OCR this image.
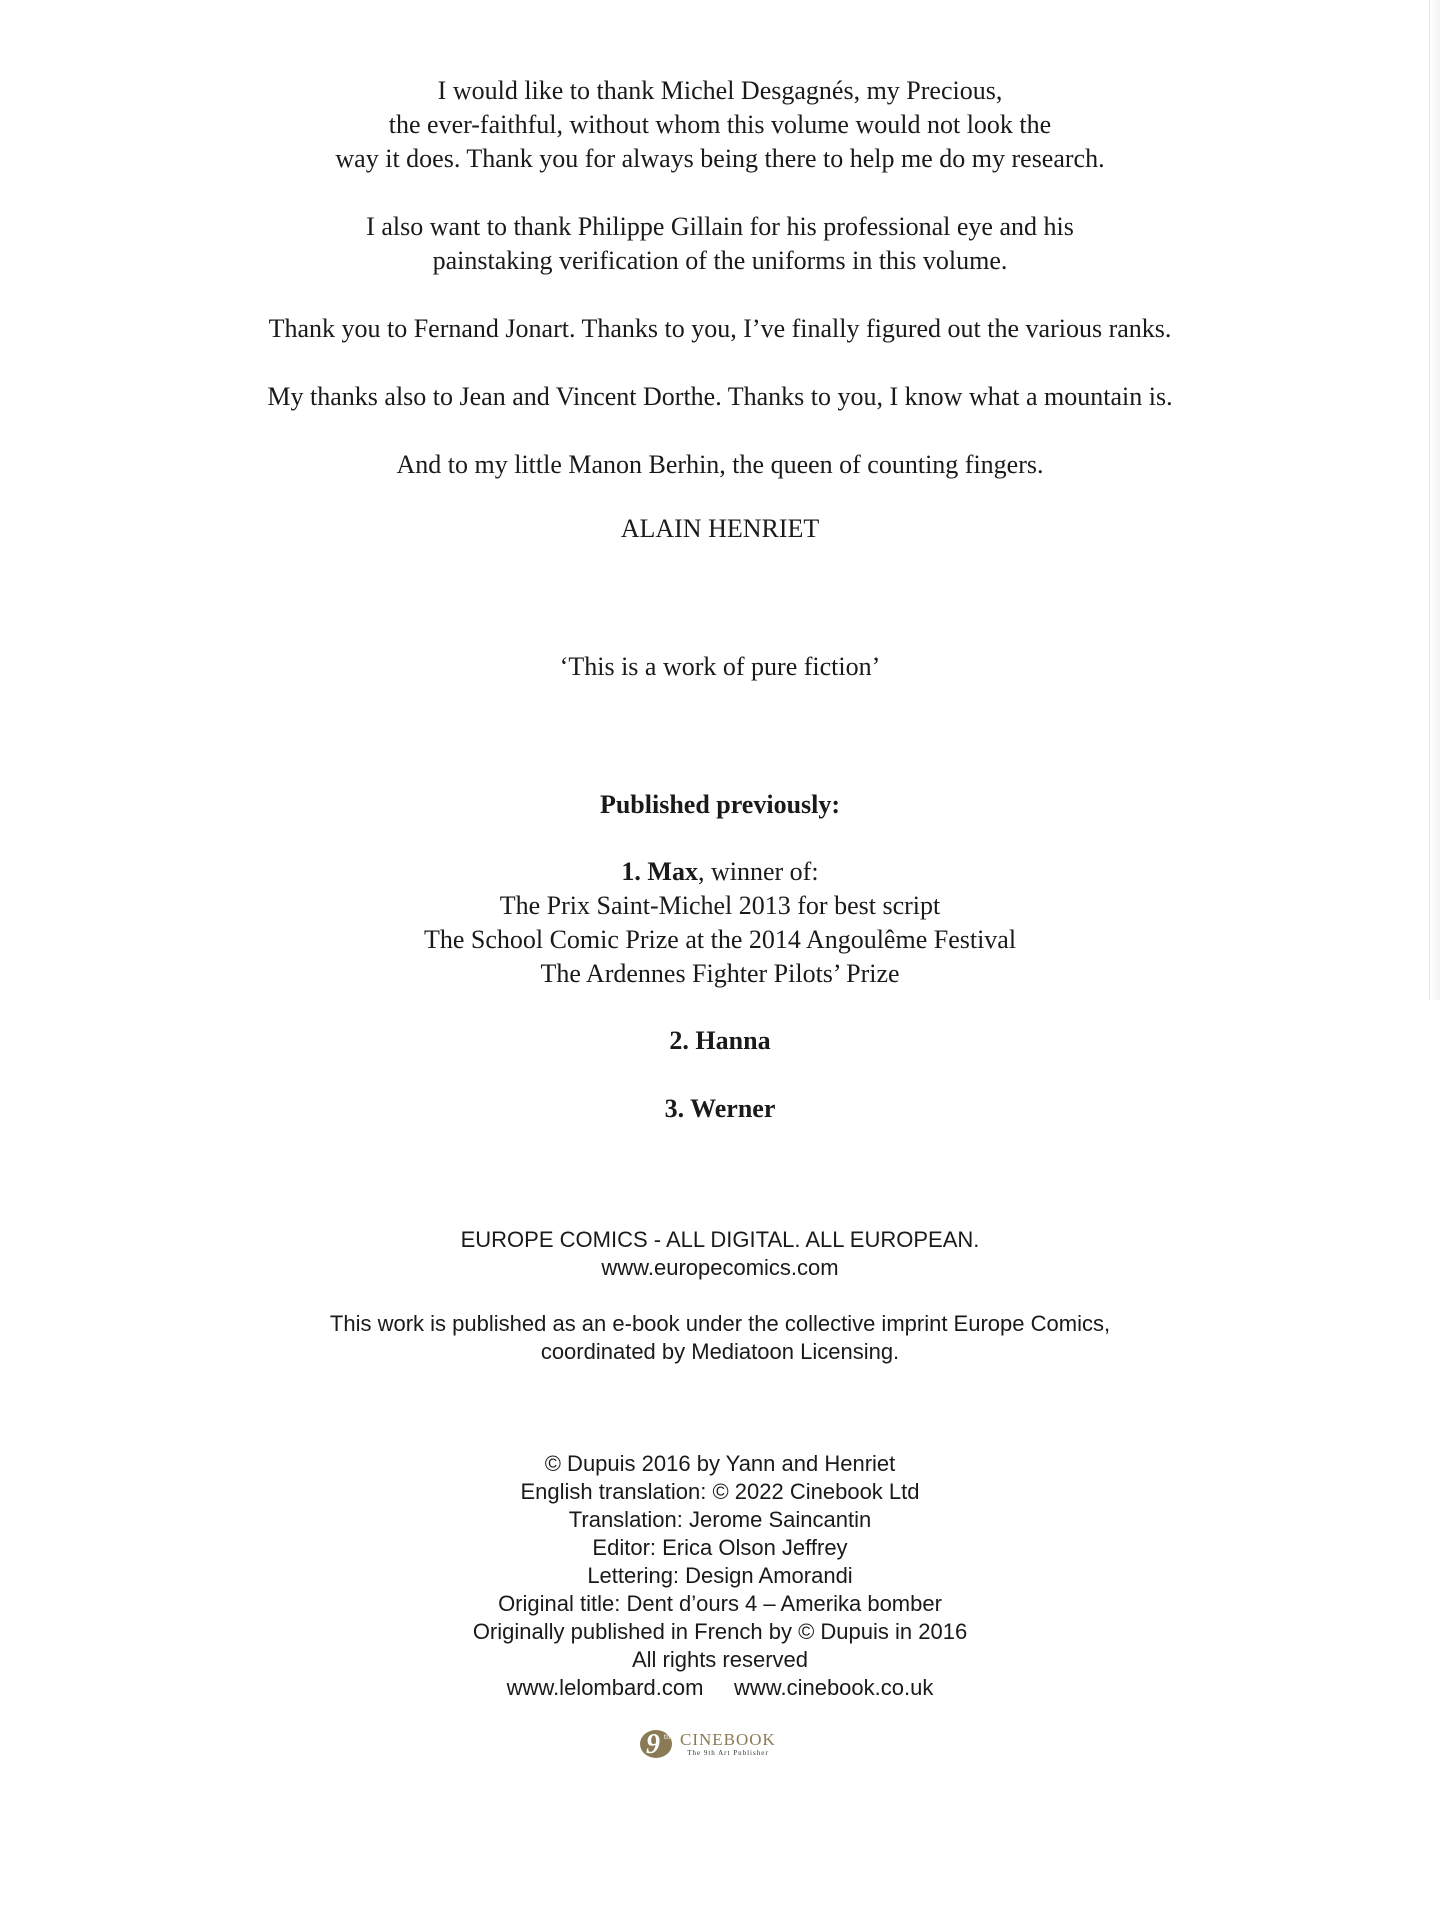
I would like to thank Michel Desgagnés, my Precious,
the ever-faithful, without whom this volume would not look the
way it does. Thank you for always being there to help me do my research.
I also want to thank Philippe Gillain for his professional eye and his
painstaking verification of the uniforms in this volume.
Thank you to Fernand Jonart. Thanks to you, I’ve finally figured out the various ranks.
My thanks also to Jean and Vincent Dorthe. Thanks to you, I know what a mountain is.
And to my little Manon Berhin, the queen of counting fingers.
ALAIN HENRIET
‘This is a work of pure fiction’
Published previously:
1. Max, winner of:
The Prix Saint-Michel 2013 for best script
The School Comic Prize at the 2014 Angoulême Festival
The Ardennes Fighter Pilots’ Prize
2. Hanna
3. Werner
EUROPE COMICS - ALL DIGITAL. ALL EUROPEAN.
www.europecomics.com
This work is published as an e-book under the collective imprint Europe Comics,
coordinated by Mediatoon Licensing.
© Dupuis 2016 by Yann and Henriet
English translation: © 2022 Cinebook Ltd
Translation: Jerome Saincantin
Editor: Erica Olson Jeffrey
Lettering: Design Amorandi
Original title: Dent d’ours 4 – Amerika bomber
Originally published in French by © Dupuis in 2016
All rights reserved
www.lelombard.com     www.cinebook.co.uk
9 th CINEBOOK
The 9th Art Publisher
